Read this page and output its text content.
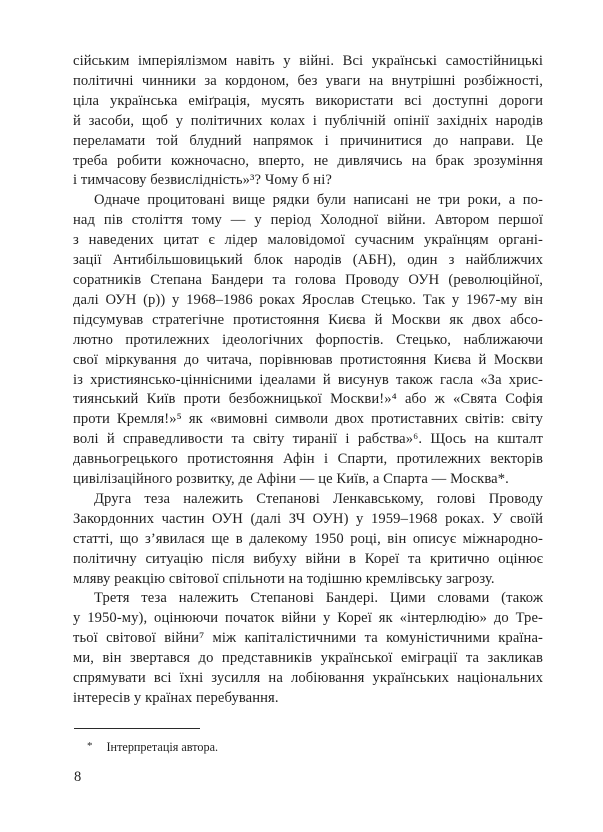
сійським імперіялізмом навіть у війні. Всі українські самостійницькі
політичні чинники за кордоном, без уваги на внутрішні розбіжності,
ціла українська еміґрація, мусять використати всі доступні дороги
й засоби, щоб у політичних колах і публічній опінії західніх народів
переламати той блудний напрямок і причинитися до направи. Це
треба робити кожночасно, вперто, не дивлячись на брак зрозуміння
і тимчасову безвислідність»³? Чому б ні?
Одначе процитовані вище рядки були написані не три роки, а по-
над пів століття тому — у період Холодної війни. Автором першої
з наведених цитат є лідер маловідомої сучасним українцям органі-
зації Антибільшовицький блок народів (АБН), один з найближчих
соратників Степана Бандери та голова Проводу ОУН (революційної,
далі ОУН (р)) у 1968–1986 роках Ярослав Стецько. Так у 1967-му він
підсумував стратегічне протистояння Києва й Москви як двох абсо-
лютно протилежних ідеологічних форпостів. Стецько, наближаючи
свої міркування до читача, порівнював протистояння Києва й Москви
із християнсько-ціннісними ідеалами й висунув також гасла «За хрис-
тиянський Київ проти безбожницької Москви!»⁴ або ж «Свята Софія
проти Кремля!»⁵ як «вимовні символи двох протиставних світів: світу
волі й справедливости та світу тиранії і рабства»⁶. Щось на кшталт
давньогрецького протистояння Афін і Спарти, протилежних векторів
цивілізаційного розвитку, де Афіни — це Київ, а Спарта — Москва*.
Друга теза належить Степанові Ленкавському, голові Проводу
Закордонних частин ОУН (далі ЗЧ ОУН) у 1959–1968 роках. У своїй
статті, що з’явилася ще в далекому 1950 році, він описує міжнародно-
політичну ситуацію після вибуху війни в Кореї та критично оцінює
мляву реакцію світової спільноти на тодішню кремлівську загрозу.
Третя теза належить Степанові Бандері. Цими словами (також
у 1950-му), оцінюючи початок війни у Кореї як «інтерлюдію» до Тре-
тьої світової війни⁷ між капіталістичними та комуністичними країна-
ми, він звертався до представників української еміграції та закликав
спрямувати всі їхні зусилля на лобіювання українських національних
інтересів у країнах перебування.
* Інтерпретація автора.
8
